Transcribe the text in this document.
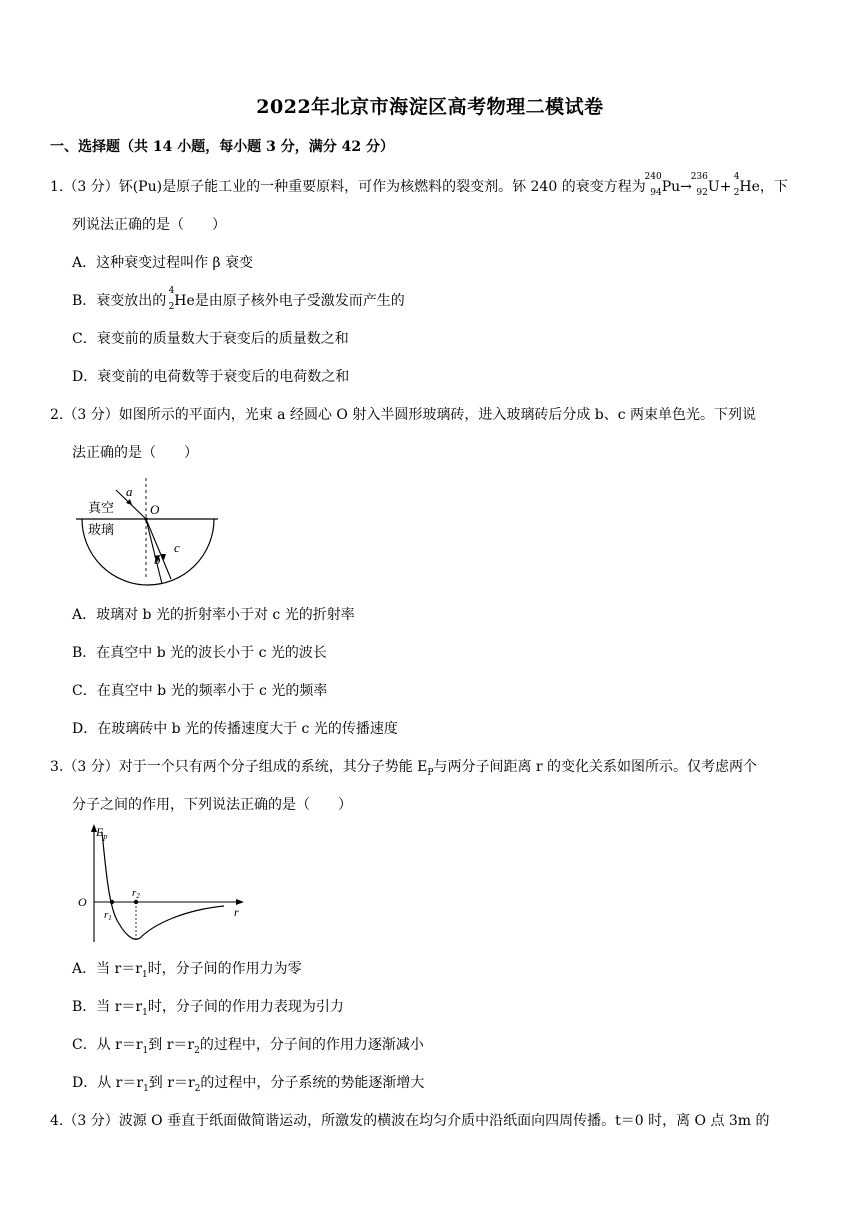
2022年北京市海淀区高考物理二模试卷
一、选择题（共 14 小题，每小题 3 分，满分 42 分）
1.（3 分）钚(Pu)是原子能工业的一种重要原料，可作为核燃料的裂变剂。钚 240 的衰变方程为
240
94 Pu→
236
92 U+
4
2 He，下
列说法正确的是（　　）
A．这种衰变过程叫作 β 衰变
B．衰变放出的
4
2 He是由原子核外电子受激发而产生的
C．衰变前的质量数大于衰变后的质量数之和
D．衰变前的电荷数等于衰变后的电荷数之和
2.（3 分）如图所示的平面内，光束 a 经圆心 O 射入半圆形玻璃砖，进入玻璃砖后分成 b、c 两束单色光。下列说
法正确的是（　　）
真空
玻璃
a
O
b
c
A．玻璃对 b 光的折射率小于对 c 光的折射率
B．在真空中 b 光的波长小于 c 光的波长
C．在真空中 b 光的频率小于 c 光的频率
D．在玻璃砖中 b 光的传播速度大于 c 光的传播速度
3.（3 分）对于一个只有两个分子组成的系统，其分子势能 $E_P$与两分子间距离 r 的变化关系如图所示。仅考虑两个
分子之间的作用，下列说法正确的是（　　）
$E_p$
O
r
r1
r2
A．当 $r=r_1$时，分子间的作用力为零
B．当 $r=r_1$时，分子间的作用力表现为引力
C．从 $r=r_1$到 $r=r_2$的过程中，分子间的作用力逐渐减小
D．从 $r=r_1$到 $r=r_2$的过程中，分子系统的势能逐渐增大
4.（3 分）波源 O 垂直于纸面做简谐运动，所激发的横波在均匀介质中沿纸面向四周传播。t＝0 时，离 O 点 3m 的
